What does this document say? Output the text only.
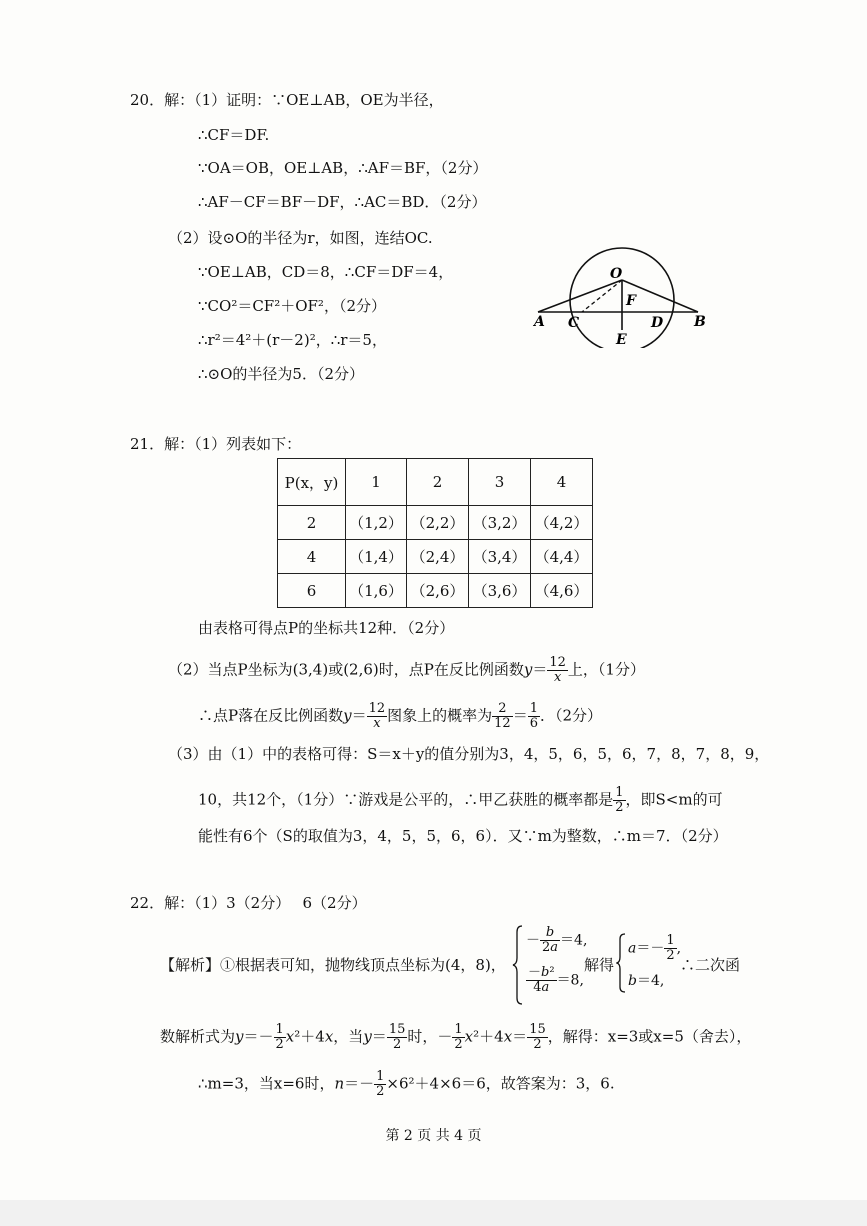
20．解：（1）证明：∵OE⊥AB，OE为半径，
∴CF＝DF.
∵OA＝OB，OE⊥AB，∴AF＝BF，（2分）
∴AF－CF＝BF－DF，∴AC＝BD．（2分）
（2）设⊙O的半径为r，如图，连结OC.
∵OE⊥AB，CD＝8，∴CF＝DF＝4，
∵CO²＝CF²＋OF²，（2分）
∴r²＝4²＋(r－2)²，∴r＝5，
∴⊙O的半径为5．（2分）
O
F
A C	D B
E
21．解：（1）列表如下：
P(x，y)	1	2	3	4
2	（1,2）	（2,2）	（3,2）	（4,2）
4	（1,4）	（2,4）	（3,4）	（4,4）
6	（1,6）	（2,6）	（3,6）	（4,6）
由表格可得点P的坐标共12种．（2分）
（2）当点P坐标为(3,4)或(2,6)时，点P在反比例函数$y= \frac{12}{x}$ 上，（1分）
∴点P落在反比例函数$y= \frac{12}{x}$ 图象上的概率为 $\frac{2}{12} = \frac{1}{6}$ ．（2分）
（3）由（1）中的表格可得：S＝x＋y的值分别为3，4，5，6，5，6，7，8，7，8，9，
10，共12个，（1分）∵游戏是公平的，∴甲乙获胜的概率都是 $\frac{1}{2}$ ，即S<m的可
能性有6个（S的取值为3，4，5，5，6，6）．又∵m为整数，∴m＝7．（2分）
22．解：（1）3（2分）　 6（2分）
【解析】①根据表可知，抛物线顶点坐标为(4，8)，
－ $\frac{b}{2a} =4$,
$\frac{\text{－b²}}{4a} =8$,
解得
$a=- \frac{1}{2}$ ,
b＝4,
∴二次函
数解析式为$y=- \frac{1}{2} x^2+4x$，当$y= \frac{15}{2}$ 时，－ $\frac{1}{2} x^2+4x= \frac{15}{2}$ ，解得：x=3或x=5（舍去），
∴m=3，当x=6时，$n=- \frac{1}{2} \times 6^2+4\times 6=6$，故答案为：3，6.
第 2 页 共 4 页
